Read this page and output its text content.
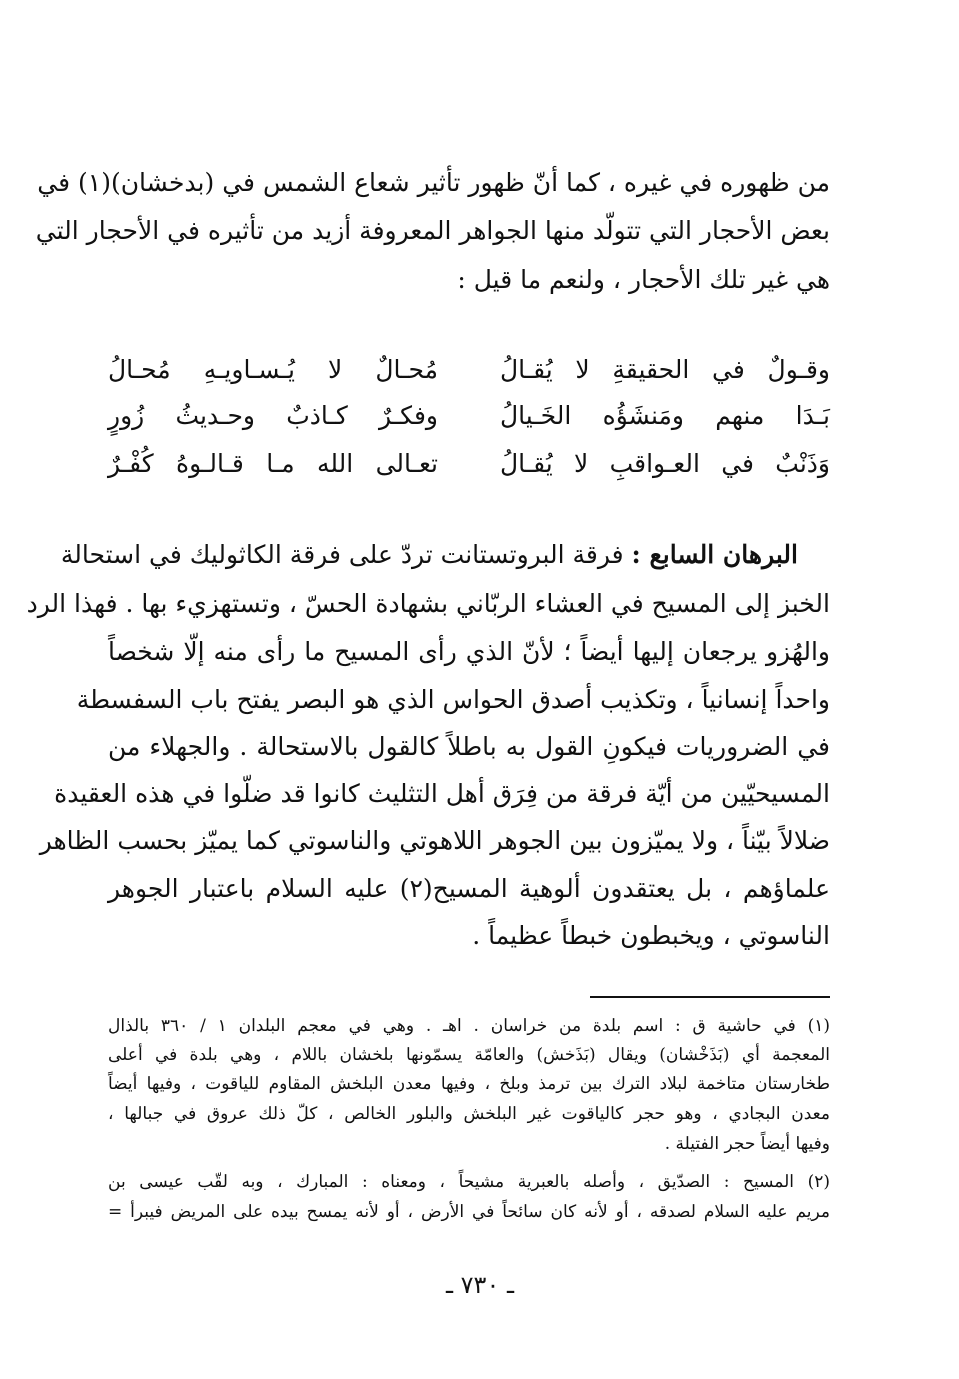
من ظهوره في غيره ، كما أنّ ظهور تأثير شعاع الشمس في (بدخشان)(١) في
بعض الأحجار التي تتولّد منها الجواهر المعروفة أزيد من تأثيره في الأحجار التي
هي غير تلك الأحجار ، ولنعم ما قيل :
وقـولٌ في الحقيقةِ لا يُقـالُ
مُحـالٌ لا يُـسـاويـهِ مُحـالُ
بَـدَا منهم ومَنشَؤُه الخَـيالُ
وفكـرٌ كـاذبٌ وحـديثُ زُورٍ
وَذَنْبٌ في العـواقبِ لا يُقـالُ
تعـالى الله مـا قـالـوهُ كُفْـرٌ
البرهان السابع : فرقة البروتستانت تردّ على فرقة الكاثوليك في استحالة
الخبز إلى المسيح في العشاء الربّاني بشهادة الحسّ ، وتستهزيء بها . فهذا الرد
والهُزو يرجعان إليها أيضاً ؛ لأنّ الذي رأى المسيح ما رأى منه إلّا شخصاً
واحداً إنسانياً ، وتكذيب أصدق الحواس الذي هو البصر يفتح باب السفسطة
في الضروريات فيكونِ القول به باطلاً كالقول بالاستحالة . والجهلاء من
المسيحيّين من أيّة فرقة من فِرَق أهل التثليث كانوا قد ضلّوا في هذه العقيدة
ضلالاً بيّناً ، ولا يميّزون بين الجوهر اللاهوتي والناسوتي كما يميّز بحسب الظاهر
علماؤهم ، بل يعتقدون ألوهية المسيح(٢) عليه السلام باعتبار الجوهر
الناسوتي ، ويخبطون خبطاً عظيماً .
(١) في حاشية ق : اسم بلدة من خراسان . اهـ . وهي في معجم البلدان ١ / ٣٦٠ بالذال
المعجمة أي (بَذَخْشان) ويقال (بَذَخش) والعامّة يسمّونها بلخشان باللام ، وهي بلدة في أعلى
طخارستان متاخمة لبلاد الترك بين ترمذ وبلخ ، وفيها معدن البلخش المقاوم للياقوت ، وفيها أيضاً
معدن البجادي ، وهو حجر كالياقوت غير البلخش والبلور الخالص ، كلّ ذلك عروق في جبالها ،
وفيها أيضاً حجر الفتيلة .
(٢) المسيح : الصدّيق ، وأصله بالعبرية مشيحاً ، ومعناه : المبارك ، وبه لقّب عيسى بن
مريم عليه السلام لصدقه ، أو لأنه كان سائحاً في الأرض ، أو لأنه يمسح بيده على المريض فيبرأ =
ـ ٧٣٠ ـ
